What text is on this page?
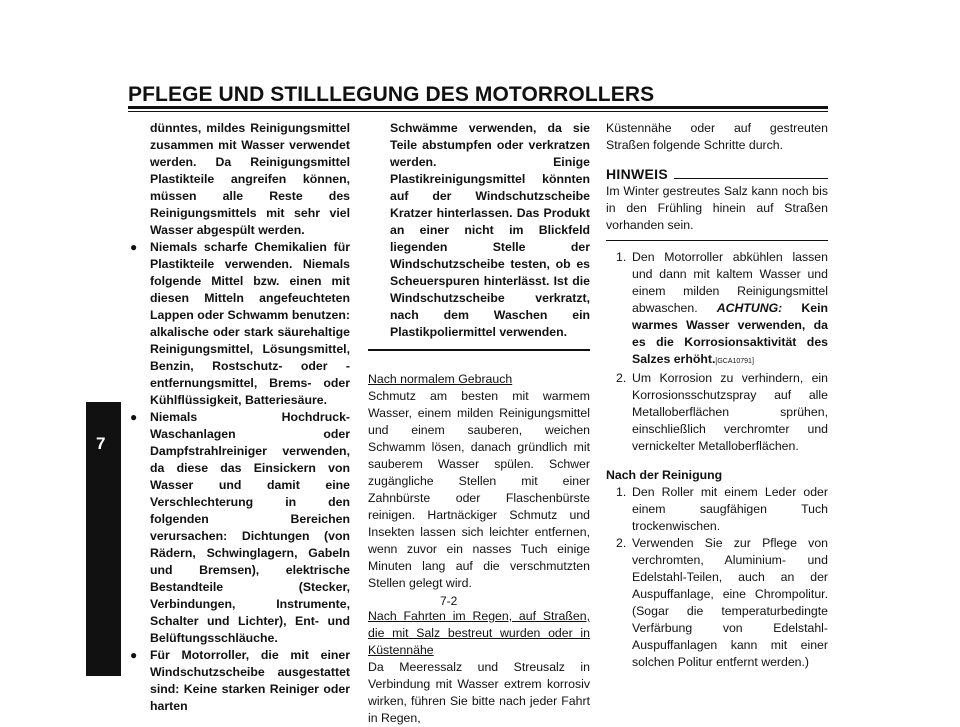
PFLEGE UND STILLLEGUNG DES MOTORROLLERS
7

dünntes, mildes Reinigungsmittel zusammen mit Wasser verwendet werden. Da Reinigungsmittel Plastikteile angreifen können, müssen alle Reste des Reinigungsmittels mit sehr viel Wasser abgespült werden.

● Niemals scharfe Chemikalien für Plastikteile verwenden. Niemals folgende Mittel bzw. einen mit diesen Mitteln angefeuchteten Lappen oder Schwamm benutzen: alkalische oder stark säurehaltige Reinigungsmittel, Lösungsmittel, Benzin, Rostschutz- oder -entfernungsmittel, Brems- oder Kühlflüssigkeit, Batteriesäure.
● Niemals Hochdruck-Waschanlagen oder Dampfstrahlreiniger verwenden, da diese das Einsickern von Wasser und damit eine Verschlechterung in den folgenden Bereichen verursachen: Dichtungen (von Rädern, Schwinglagern, Gabeln und Bremsen), elektrische Bestandteile (Stecker, Verbindungen, Instrumente, Schalter und Lichter), Ent- und Belüftungsschläuche.
● Für Motorroller, die mit einer Windschutzscheibe ausgestattet sind: Keine starken Reiniger oder harten

Schwämme verwenden, da sie Teile abstumpfen oder verkratzen werden. Einige Plastikreinigungsmittel könnten auf der Windschutzscheibe Kratzer hinterlassen. Das Produkt an einer nicht im Blickfeld liegenden Stelle der Windschutzscheibe testen, ob es Scheuerspuren hinterlässt. Ist die Windschutzscheibe verkratzt, nach dem Waschen ein Plastikpoliermittel verwenden.

Nach normalem Gebrauch

Schmutz am besten mit warmem Wasser, einem milden Reinigungsmittel und einem sauberen, weichen Schwamm lösen, danach gründlich mit sauberem Wasser spülen. Schwer zugängliche Stellen mit einer Zahnbürste oder Flaschenbürste reinigen. Hartnäckiger Schmutz und Insekten lassen sich leichter entfernen, wenn zuvor ein nasses Tuch einige Minuten lang auf die verschmutzten Stellen gelegt wird.

Nach Fahrten im Regen, auf Straßen, die mit Salz bestreut wurden oder in Küstennähe

Da Meeressalz und Streusalz in Verbindung mit Wasser extrem korrosiv wirken, führen Sie bitte nach jeder Fahrt in Regen,

Küstennähe oder auf gestreuten Straßen folgende Schritte durch.

HINWEIS

Im Winter gestreutes Salz kann noch bis in den Frühling hinein auf Straßen vorhanden sein.

1. Den Motorroller abkühlen lassen und dann mit kaltem Wasser und einem milden Reinigungsmittel abwaschen. ACHTUNG: Kein warmes Wasser verwenden, da es die Korrosionsaktivität des Salzes erhöht.[GCA10791]
2. Um Korrosion zu verhindern, ein Korrosionsschutzspray auf alle Metalloberflächen sprühen, einschließlich verchromter und vernickelter Metalloberflächen.

Nach der Reinigung

1. Den Roller mit einem Leder oder einem saugfähigen Tuch trockenwischen.
2. Verwenden Sie zur Pflege von verchromten, Aluminium- und Edelstahl-Teilen, auch an der Auspuffanlage, eine Chrompolitur. (Sogar die temperaturbedingte Verfärbung von Edelstahl-Auspuffanlagen kann mit einer solchen Politur entfernt werden.)
7-2
